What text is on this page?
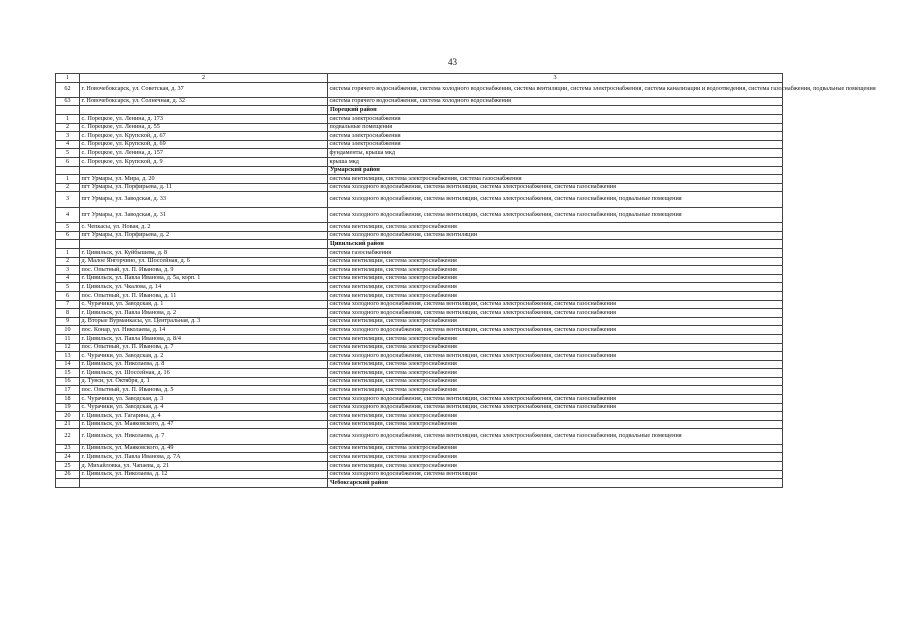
43
1	2	3
62	г. Новочебоксарск, ул. Советская, д. 37	система горячего водоснабжения, система холодного водоснабжения, система вентиляции, система электроснабжения, система канализации и водоотведения, система газоснабжения, подвальные помещения
63	г. Новочебоксарск, ул. Солнечная, д. 32	система горячего водоснабжения, система холодного водоснабжения
		Порецкий район
1	с. Порецкое, ул. Ленина, д. 173	система электроснабжения
2	с. Порецкое, ул. Ленина, д. 55	подвальные помещения
3	с. Порецкое, ул. Крупской, д. 67	система электроснабжения
4	с. Порецкое, ул. Крупской, д. 69	система электроснабжения
5	с. Порецкое, ул. Ленина, д. 157	фундаменты, крыша мкд
6	с. Порецкое, ул. Крупской, д. 9	крыша мкд
		Урмарский район
1	пгт Урмары, ул. Мира, д. 20	система вентиляции, система электроснабжения, система газоснабжения
2	пгт Урмары, ул. Порфирьева, д. 11	система холодного водоснабжения, система вентиляции, система электроснабжения, система газоснабжения
3	пгт Урмары, ул. Заводская, д. 33	система холодного водоснабжения, система вентиляции, система электроснабжения, система газоснабжения, подвальные помещения
4	пгт Урмары, ул. Заводская, д. 31	система холодного водоснабжения, система вентиляции, система электроснабжения, система газоснабжения, подвальные помещения
5	с. Чепкасы, ул. Новая, д. 2	система вентиляции, система электроснабжения
6	пгт Урмары, ул. Порфирьева, д. 2	система холодного водоснабжения, система вентиляции
		Цивильский район
1	г. Цивильск, ул. Куйбышева, д. 8	система газоснабжения
2	д. Малое Янгорчино, ул. Шоссейная, д. 6	система вентиляции, система электроснабжения
3	пос. Опытный, ул. П. Иванова, д. 9	система вентиляции, система электроснабжения
4	г. Цивильск, ул. Павла Иванова, д. 5а, корп. 1	система вентиляции, система электроснабжения
5	г. Цивильск, ул. Чкалова, д. 14	система вентиляции, система электроснабжения
6	пос. Опытный, ул. П. Иванова, д. 11	система вентиляции, система электроснабжения
7	с. Чурачики, ул. Заводская, д. 1	система холодного водоснабжения, система вентиляции, система электроснабжения, система газоснабжения
8	г. Цивильск, ул. Павла Иванова, д. 2	система холодного водоснабжения, система вентиляции, система электроснабжения, система газоснабжения
9	д. Вторые Вурманкасы, ул. Центральная, д. 3	система вентиляции, система электроснабжения
10	пос. Конар, ул. Николаева, д. 14	система холодного водоснабжения, система вентиляции, система электроснабжения, система газоснабжения
11	г. Цивильск, ул. Павла Иванова, д. 8/4	система вентиляции, система электроснабжения
12	пос. Опытный, ул. П. Иванова, д. 7	система вентиляции, система электроснабжения
13	с. Чурачики, ул. Заводская, д. 2	система холодного водоснабжения, система вентиляции, система электроснабжения, система газоснабжения
14	г. Цивильск, ул. Николаева, д. 8	система вентиляции, система электроснабжения
15	г. Цивильск, ул. Шоссейная, д. 16	система вентиляции, система электроснабжения
16	д. Тувси, ул. Октября, д. 1	система вентиляции, система электроснабжения
17	пос. Опытный, ул. П. Иванова, д. 5	система вентиляции, система электроснабжения
18	с. Чурачики, ул. Заводская, д. 3	система холодного водоснабжения, система вентиляции, система электроснабжения, система газоснабжения
19	с. Чурачики, ул. Заводская, д. 4	система холодного водоснабжения, система вентиляции, система электроснабжения, система газоснабжения
20	г. Цивильск, ул. Гагарина, д. 4	система вентиляции, система электроснабжения
21	г. Цивильск, ул. Маяковского, д. 47	система вентиляции, система электроснабжения
22	г. Цивильск, ул. Николаева, д. 7	система холодного водоснабжения, система вентиляции, система электроснабжения, система газоснабжения, подвальные помещения
23	г. Цивильск, ул. Маяковского, д. 49	система вентиляции, система электроснабжения
24	г. Цивильск, ул. Павла Иванова, д. 7А	система вентиляции, система электроснабжения
25	д. Михайловка, ул. Чапаева, д. 21	система вентиляции, система электроснабжения
26	г. Цивильск, ул. Николаева, д. 12	система холодного водоснабжения, система вентиляции
		Чебоксарский район
